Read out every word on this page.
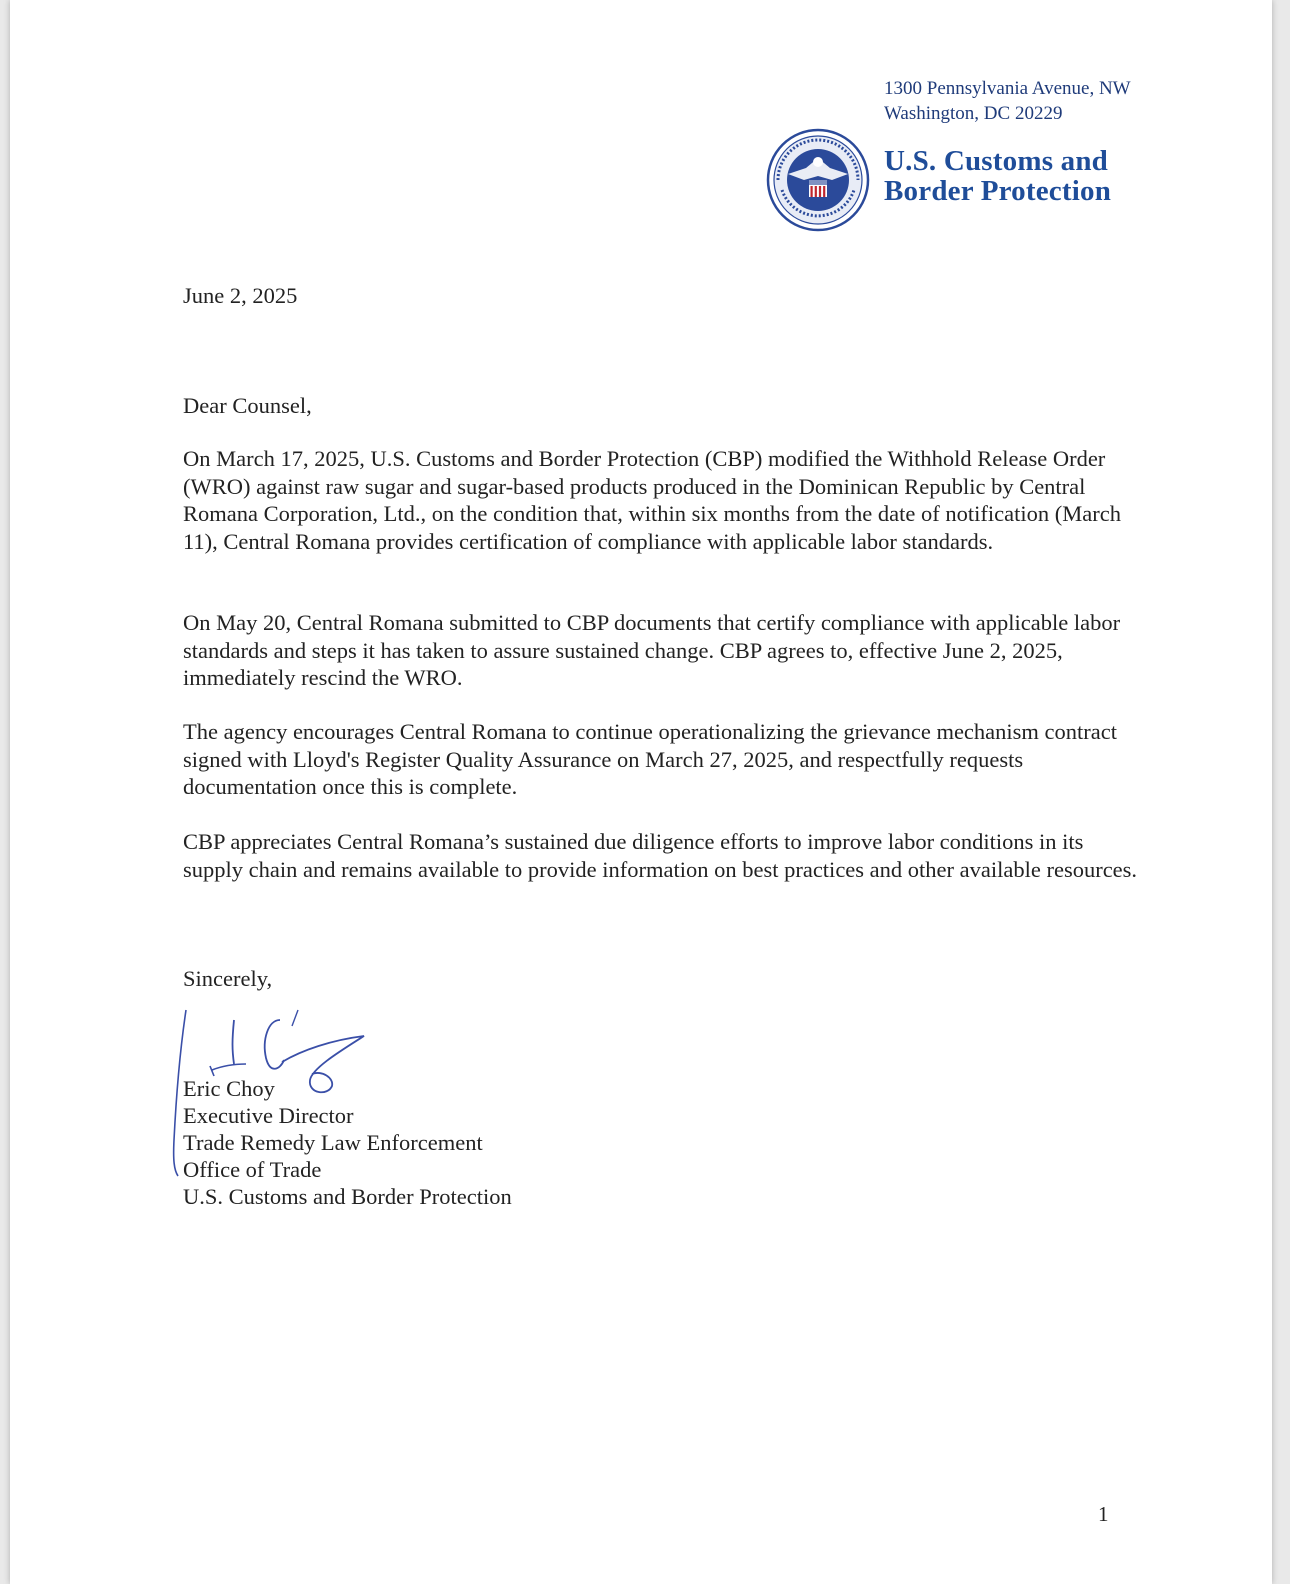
1300 Pennsylvania Avenue, NW
Washington, DC 20229
U.S. Customs and
Border Protection
June 2, 2025
Dear Counsel,
On March 17, 2025, U.S. Customs and Border Protection (CBP) modified the Withhold Release Order (WRO) against raw sugar and sugar-based products produced in the Dominican Republic by Central Romana Corporation, Ltd., on the condition that, within six months from the date of notification (March 11), Central Romana provides certification of compliance with applicable labor standards.
On May 20, Central Romana submitted to CBP documents that certify compliance with applicable labor standards and steps it has taken to assure sustained change. CBP agrees to, effective June 2, 2025, immediately rescind the WRO.
The agency encourages Central Romana to continue operationalizing the grievance mechanism contract signed with Lloyd's Register Quality Assurance on March 27, 2025, and respectfully requests documentation once this is complete.
CBP appreciates Central Romana’s sustained due diligence efforts to improve labor conditions in its supply chain and remains available to provide information on best practices and other available resources.
Sincerely,
Eric Choy
Executive Director
Trade Remedy Law Enforcement
Office of Trade
U.S. Customs and Border Protection
1
